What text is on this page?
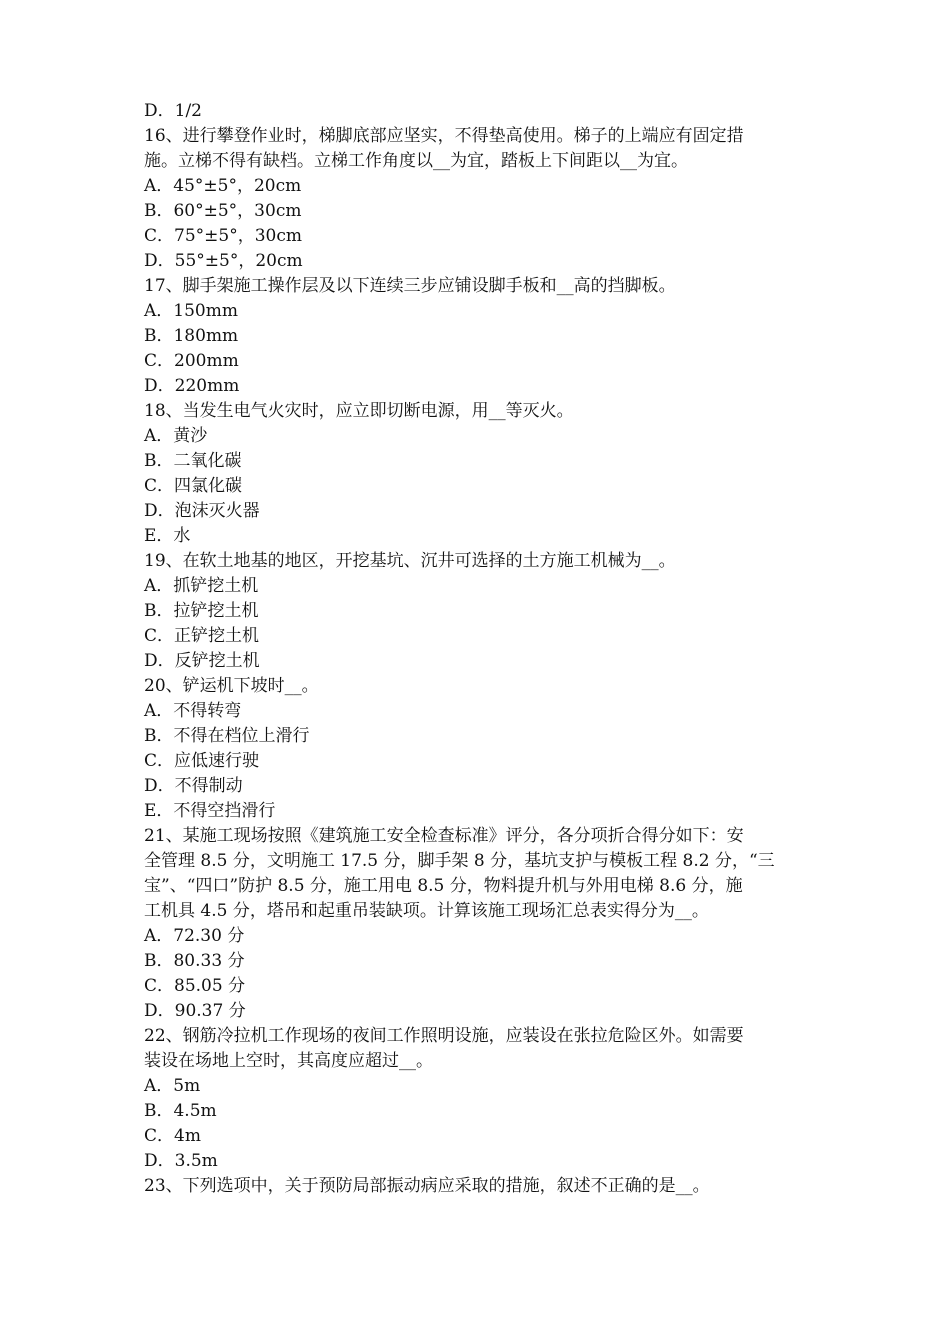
D．1/2
16、进行攀登作业时，梯脚底部应坚实，不得垫高使用。梯子的上端应有固定措
施。立梯不得有缺档。立梯工作角度以__为宜，踏板上下间距以__为宜。
A．45°±5°，20cm
B．60°±5°，30cm
C．75°±5°，30cm
D．55°±5°，20cm
17、脚手架施工操作层及以下连续三步应铺设脚手板和__高的挡脚板。
A．150mm
B．180mm
C．200mm
D．220mm
18、当发生电气火灾时，应立即切断电源，用__等灭火。
A．黄沙
B．二氧化碳
C．四氯化碳
D．泡沫灭火器
E．水
19、在软土地基的地区，开挖基坑、沉井可选择的土方施工机械为__。
A．抓铲挖土机
B．拉铲挖土机
C．正铲挖土机
D．反铲挖土机
20、铲运机下坡时__。
A．不得转弯
B．不得在档位上滑行
C．应低速行驶
D．不得制动
E．不得空挡滑行
21、某施工现场按照《建筑施工安全检查标准》评分，各分项折合得分如下：安
全管理 8.5 分，文明施工 17.5 分，脚手架 8 分，基坑支护与模板工程 8.2 分，“三
宝”、“四口”防护 8.5 分，施工用电 8.5 分，物料提升机与外用电梯 8.6 分，施
工机具 4.5 分，塔吊和起重吊装缺项。计算该施工现场汇总表实得分为__。
A．72.30 分
B．80.33 分
C．85.05 分
D．90.37 分
22、钢筋冷拉机工作现场的夜间工作照明设施，应装设在张拉危险区外。如需要
装设在场地上空时，其高度应超过__。
A．5m
B．4.5m
C．4m
D．3.5m
23、下列选项中，关于预防局部振动病应采取的措施，叙述不正确的是__。
